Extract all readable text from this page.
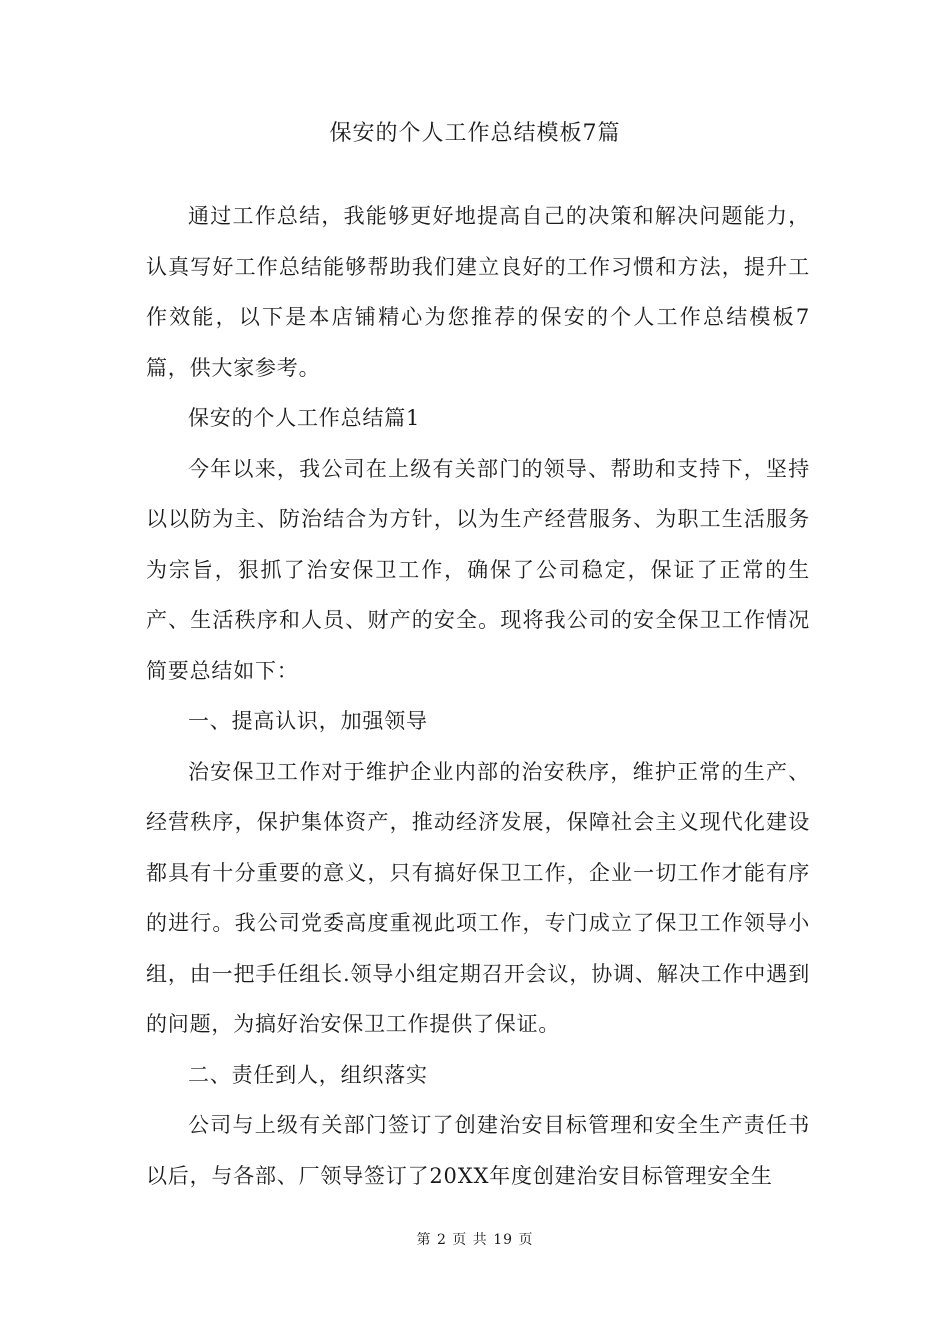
保安的个人工作总结模板7篇

通过工作总结，我能够更好地提高自己的决策和解决问题能力，认真写好工作总结能够帮助我们建立良好的工作习惯和方法，提升工作效能，以下是本店铺精心为您推荐的保安的个人工作总结模板7篇，供大家参考。

保安的个人工作总结篇1

今年以来，我公司在上级有关部门的领导、帮助和支持下，坚持以以防为主、防治结合为方针，以为生产经营服务、为职工生活服务为宗旨，狠抓了治安保卫工作，确保了公司稳定，保证了正常的生产、生活秩序和人员、财产的安全。现将我公司的安全保卫工作情况简要总结如下：

一、提高认识，加强领导

治安保卫工作对于维护企业内部的治安秩序，维护正常的生产、经营秩序，保护集体资产，推动经济发展，保障社会主义现代化建设都具有十分重要的意义，只有搞好保卫工作，企业一切工作才能有序的进行。我公司党委高度重视此项工作，专门成立了保卫工作领导小组，由一把手任组长.领导小组定期召开会议，协调、解决工作中遇到的问题，为搞好治安保卫工作提供了保证。

二、责任到人，组织落实

公司与上级有关部门签订了创建治安目标管理和安全生产责任书以后，与各部、厂领导签订了20XX年度创建治安目标管理安全生

第 2 页 共 19 页
